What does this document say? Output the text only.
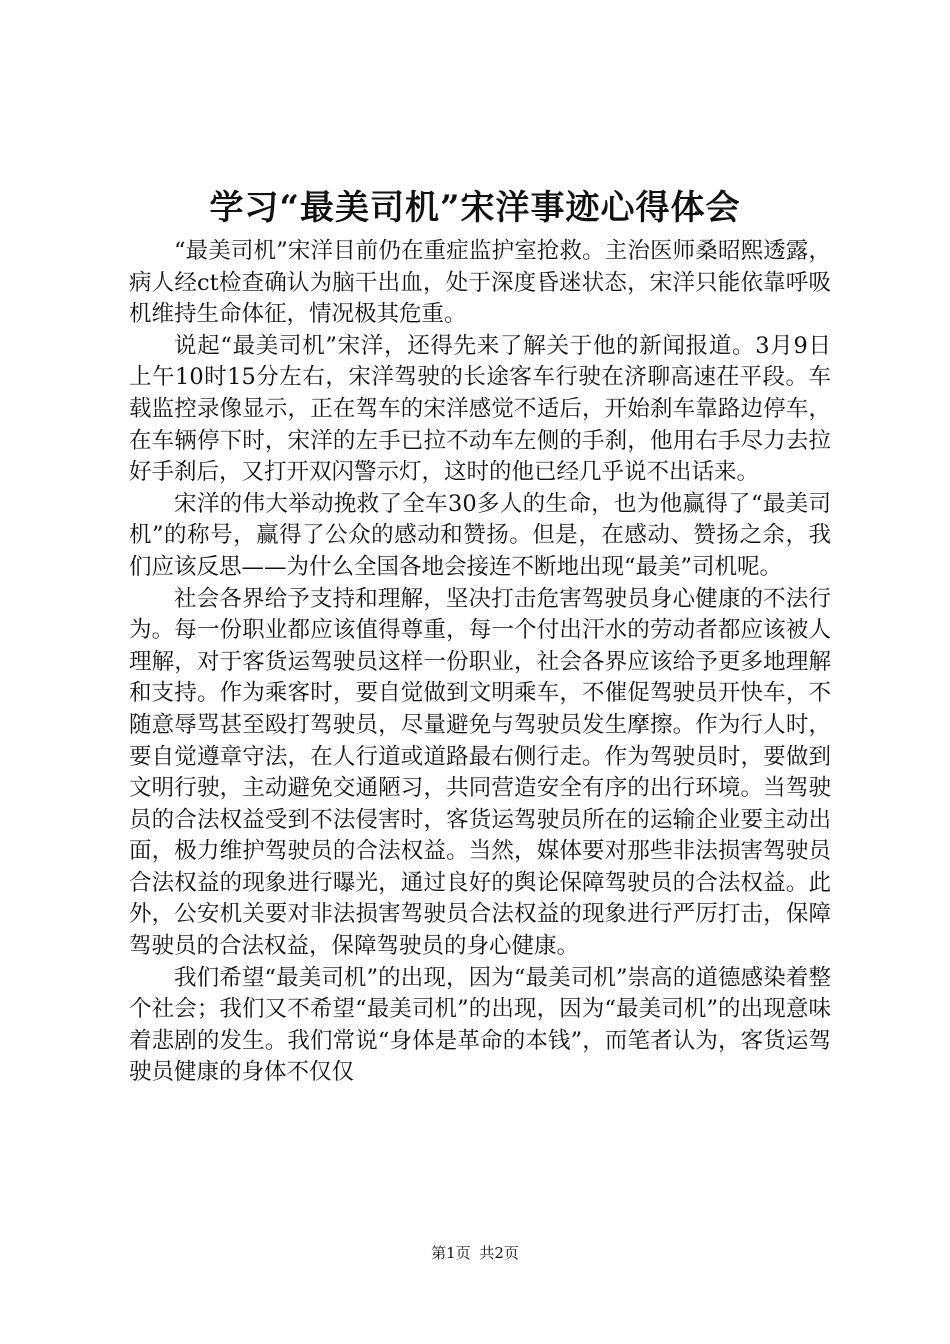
学习“最美司机”宋洋事迹心得体会

“最美司机”宋洋目前仍在重症监护室抢救。主治医师桑昭熙透露，病人经ct检查确认为脑干出血，处于深度昏迷状态，宋洋只能依靠呼吸机维持生命体征，情况极其危重。

说起“最美司机”宋洋，还得先来了解关于他的新闻报道。3月9日上午10时15分左右，宋洋驾驶的长途客车行驶在济聊高速茌平段。车载监控录像显示，正在驾车的宋洋感觉不适后，开始刹车靠路边停车，在车辆停下时，宋洋的左手已拉不动车左侧的手刹，他用右手尽力去拉好手刹后，又打开双闪警示灯，这时的他已经几乎说不出话来。

宋洋的伟大举动挽救了全车30多人的生命，也为他赢得了“最美司机”的称号，赢得了公众的感动和赞扬。但是，在感动、赞扬之余，我们应该反思——为什么全国各地会接连不断地出现“最美”司机呢。

社会各界给予支持和理解，坚决打击危害驾驶员身心健康的不法行为。每一份职业都应该值得尊重，每一个付出汗水的劳动者都应该被人理解，对于客货运驾驶员这样一份职业，社会各界应该给予更多地理解和支持。作为乘客时，要自觉做到文明乘车，不催促驾驶员开快车，不随意辱骂甚至殴打驾驶员，尽量避免与驾驶员发生摩擦。作为行人时，要自觉遵章守法，在人行道或道路最右侧行走。作为驾驶员时，要做到文明行驶，主动避免交通陋习，共同营造安全有序的出行环境。当驾驶员的合法权益受到不法侵害时，客货运驾驶员所在的运输企业要主动出面，极力维护驾驶员的合法权益。当然，媒体要对那些非法损害驾驶员合法权益的现象进行曝光，通过良好的舆论保障驾驶员的合法权益。此外，公安机关要对非法损害驾驶员合法权益的现象进行严厉打击，保障驾驶员的合法权益，保障驾驶员的身心健康。

我们希望“最美司机”的出现，因为“最美司机”崇高的道德感染着整个社会；我们又不希望“最美司机”的出现，因为“最美司机”的出现意味着悲剧的发生。我们常说“身体是革命的本钱”，而笔者认为，客货运驾驶员健康的身体不仅仅

第1页 共2页
